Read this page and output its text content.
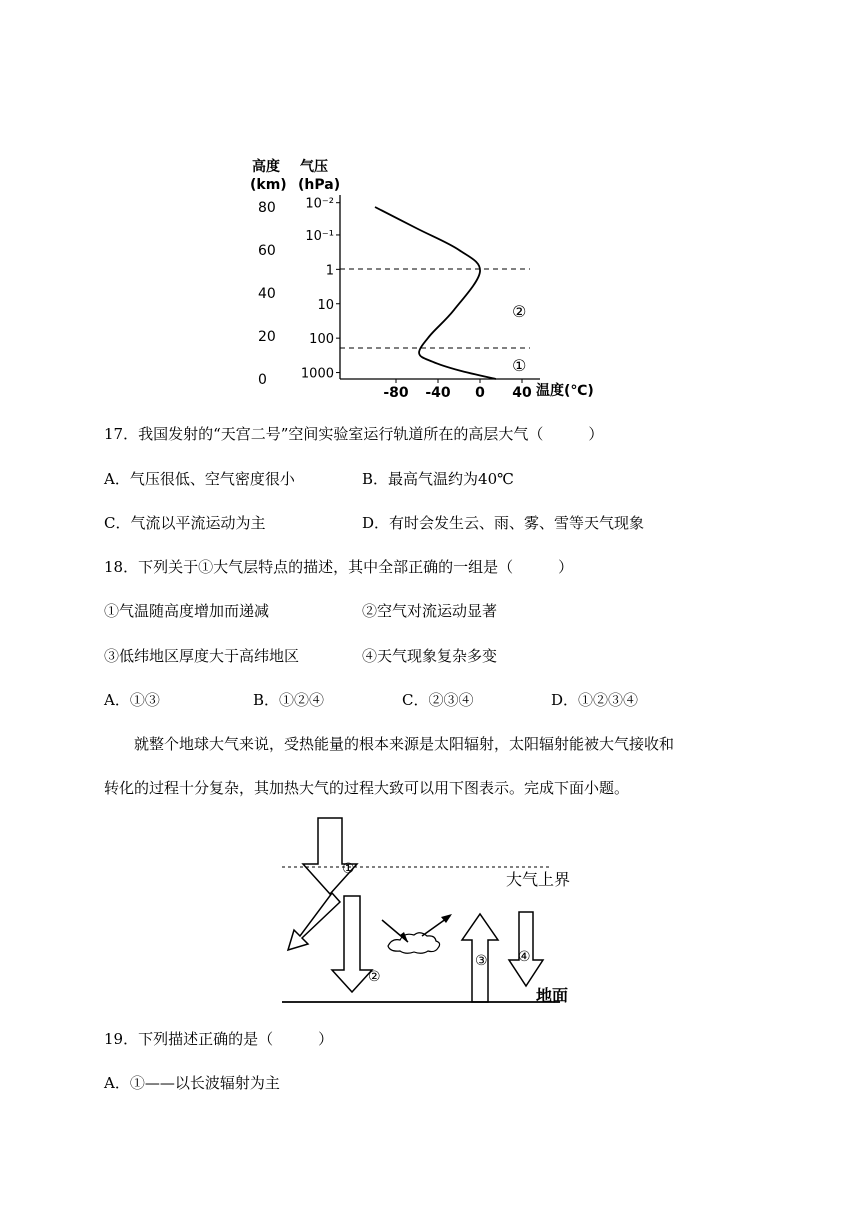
高度
(km)
气压
(hPa)
80
60
40
20
0
10⁻²
10⁻¹
1
10
100
1000
-80 -40 0 40
②
①
温度(℃)
17．我国发射的“天宫二号”空间实验室运行轨道所在的高层大气（　　　）
A．气压很低、空气密度很小	B．最高气温约为40℃
C．气流以平流运动为主	D．有时会发生云、雨、雾、雪等天气现象
18．下列关于①大气层特点的描述，其中全部正确的一组是（　　　）
①气温随高度增加而递减	②空气对流运动显著
③低纬地区厚度大于高纬地区	④天气现象复杂多变
A．①③	B．①②④	C．②③④	D．①②③④
　　就整个地球大气来说，受热能量的根本来源是太阳辐射，太阳辐射能被大气接收和
转化的过程十分复杂，其加热大气的过程大致可以用下图表示。完成下面小题。
①
大气上界
②
③ ④
地面
19．下列描述正确的是（　　　）
A．①——以长波辐射为主
